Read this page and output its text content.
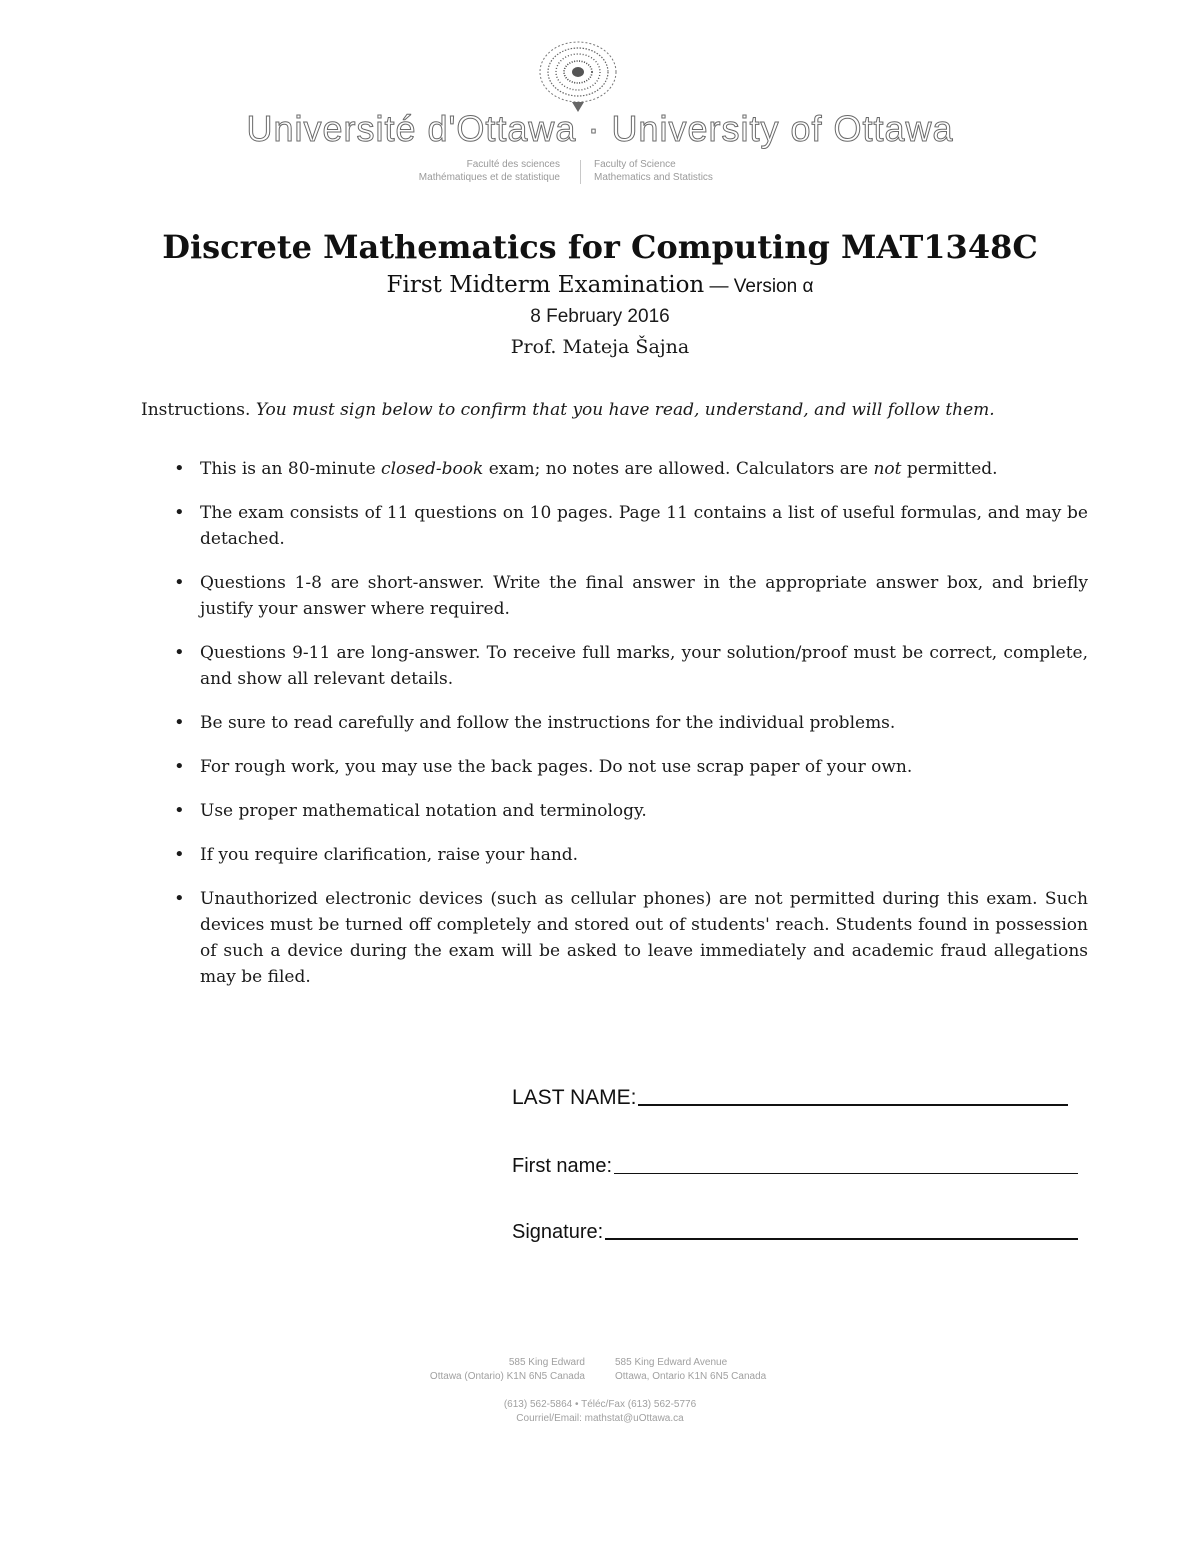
Université d'Ottawa · University of Ottawa
Faculté des sciences
Mathématiques et de statistique
Faculty of Science
Mathematics and Statistics
Discrete Mathematics for Computing MAT1348C
First Midterm Examination — Version α
8 February 2016
Prof. Mateja Šajna
Instructions. You must sign below to confirm that you have read, understand, and will follow them.
• This is an 80-minute closed-book exam; no notes are allowed. Calculators are not permitted.
• The exam consists of 11 questions on 10 pages. Page 11 contains a list of useful formulas, and may be detached.
• Questions 1-8 are short-answer. Write the final answer in the appropriate answer box, and briefly justify your answer where required.
• Questions 9-11 are long-answer. To receive full marks, your solution/proof must be correct, complete, and show all relevant details.
• Be sure to read carefully and follow the instructions for the individual problems.
• For rough work, you may use the back pages. Do not use scrap paper of your own.
• Use proper mathematical notation and terminology.
• If you require clarification, raise your hand.
• Unauthorized electronic devices (such as cellular phones) are not permitted during this exam. Such devices must be turned off completely and stored out of students' reach. Students found in possession of such a device during the exam will be asked to leave immediately and academic fraud allegations may be filed.
LAST NAME:
First name:
Signature:
585 King Edward
Ottawa (Ontario) K1N 6N5 Canada
585 King Edward Avenue
Ottawa, Ontario K1N 6N5 Canada
(613) 562-5864 • Téléc/Fax (613) 562-5776
Courriel/Email: mathstat@uOttawa.ca
